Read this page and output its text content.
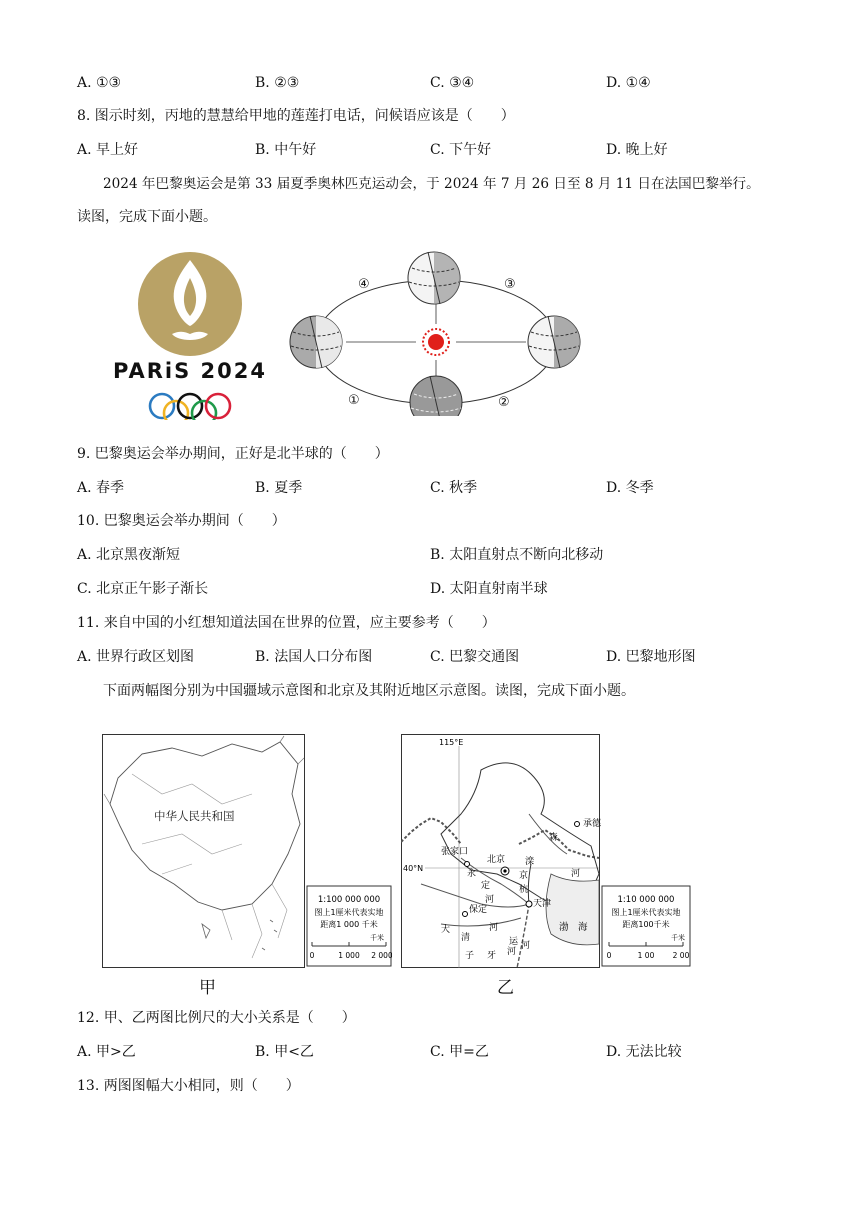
A. ①③	B. ②③	C. ③④	D. ①④
8. 图示时刻，丙地的慧慧给甲地的莲莲打电话，问候语应该是（　　）
A. 早上好	B. 中午好	C. 下午好	D. 晚上好
2024 年巴黎奥运会是第 33 届夏季奥林匹克运动会，于 2024 年 7 月 26 日至 8 月 11 日在法国巴黎举行。
读图，完成下面小题。
PARiS 2024
④	③
①	②
9. 巴黎奥运会举办期间，正好是北半球的（　　）
A. 春季	B. 夏季	C. 秋季	D. 冬季
10. 巴黎奥运会举办期间（　　）
A. 北京黑夜渐短	B. 太阳直射点不断向北移动
C. 北京正午影子渐长	D. 太阳直射南半球
11. 来自中国的小红想知道法国在世界的位置，应主要参考（　　）
A. 世界行政区划图	B. 法国人口分布图	C. 巴黎交通图	D. 巴黎地形图
下面两幅图分别为中国疆域示意图和北京及其附近地区示意图。读图，完成下面小题。
中华人民共和国
1:100 000 000
图上1厘米代表实地
距离1 000 千米
千米
0	1 000 2 000
甲
115°E
40°N
承德
张家口
北京
保定
天津
渤　海
森
永
定
河
滦
河
大
清
河
子 牙 河
京
杭
运 河
1:10 000 000
图上1厘米代表实地
距离100千米
千米
0	1 00 2 00
乙
12. 甲、乙两图比例尺的大小关系是（　　）
A. 甲>乙	B. 甲<乙	C. 甲=乙	D. 无法比较
13. 两图图幅大小相同，则（　　）
